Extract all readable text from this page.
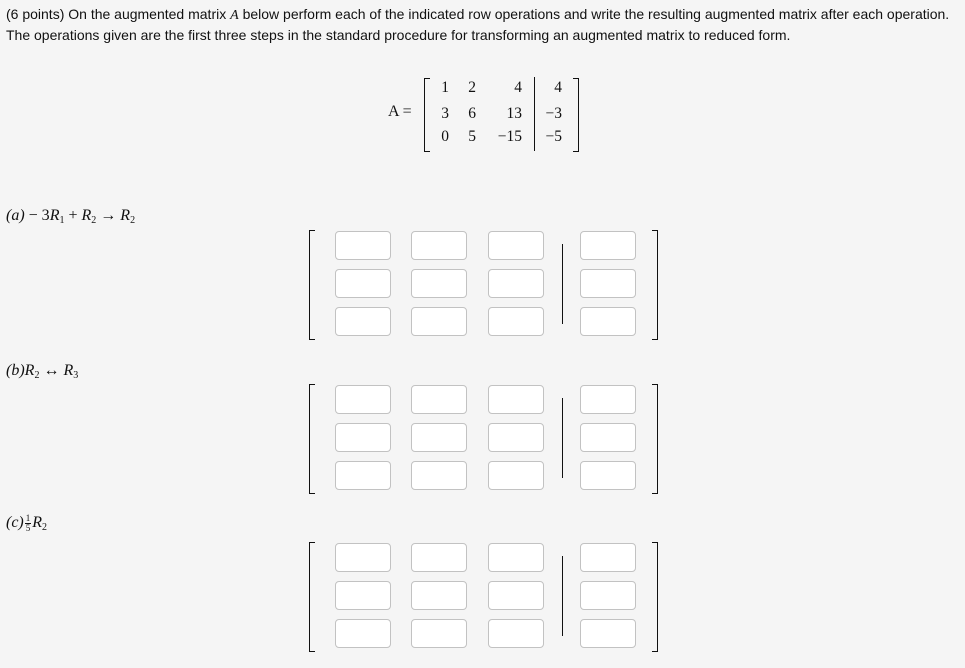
(6 points) On the augmented matrix A below perform each of the indicated row operations and write the resulting augmented matrix after each operation. The operations given are the first three steps in the standard procedure for transforming an augmented matrix to reduced form.
A =
1 2 4 4
3 6 13 −3
0 5 −15 −5
$(a) - 3R_1 + R_2 \to R_2$
$(b)R_2$ ↔ $R_3$
$(c) \frac{1}{5} R_2$
